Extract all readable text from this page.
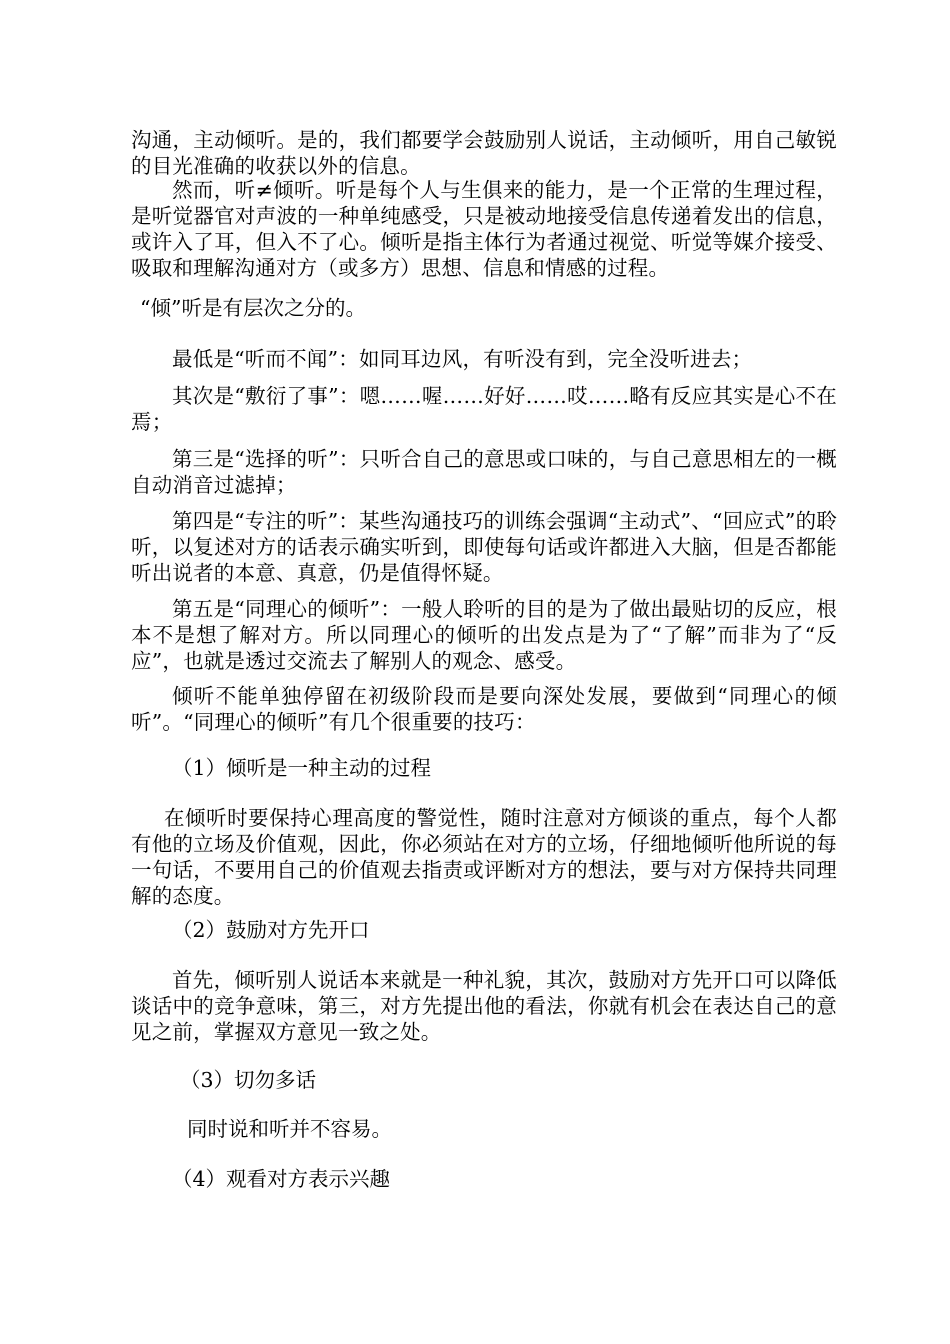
沟通，主动倾听。是的，我们都要学会鼓励别人说话，主动倾听，用自己敏锐的目光准确的收获以外的信息。

然而，听≠倾听。听是每个人与生俱来的能力，是一个正常的生理过程，是听觉器官对声波的一种单纯感受，只是被动地接受信息传递着发出的信息，或许入了耳，但入不了心。倾听是指主体行为者通过视觉、听觉等媒介接受、吸取和理解沟通对方（或多方）思想、信息和情感的过程。

“倾”听是有层次之分的。

最低是“听而不闻”：如同耳边风，有听没有到，完全没听进去；

其次是“敷衍了事”：嗯……喔……好好……哎……略有反应其实是心不在焉；

第三是“选择的听”：只听合自己的意思或口味的，与自己意思相左的一概自动消音过滤掉；

第四是“专注的听”：某些沟通技巧的训练会强调“主动式”、“回应式”的聆听，以复述对方的话表示确实听到，即使每句话或许都进入大脑，但是否都能听出说者的本意、真意，仍是值得怀疑。

第五是“同理心的倾听”：一般人聆听的目的是为了做出最贴切的反应，根本不是想了解对方。所以同理心的倾听的出发点是为了“了解”而非为了“反应”，也就是透过交流去了解别人的观念、感受。

倾听不能单独停留在初级阶段而是要向深处发展，要做到“同理心的倾听”。“同理心的倾听”有几个很重要的技巧：

（1）倾听是一种主动的过程

在倾听时要保持心理高度的警觉性，随时注意对方倾谈的重点，每个人都有他的立场及价值观，因此，你必须站在对方的立场，仔细地倾听他所说的每一句话，不要用自己的价值观去指责或评断对方的想法，要与对方保持共同理解的态度。

（2）鼓励对方先开口

首先，倾听别人说话本来就是一种礼貌，其次，鼓励对方先开口可以降低谈话中的竞争意味，第三，对方先提出他的看法，你就有机会在表达自己的意见之前，掌握双方意见一致之处。

（3）切勿多话

同时说和听并不容易。

（4）观看对方表示兴趣
